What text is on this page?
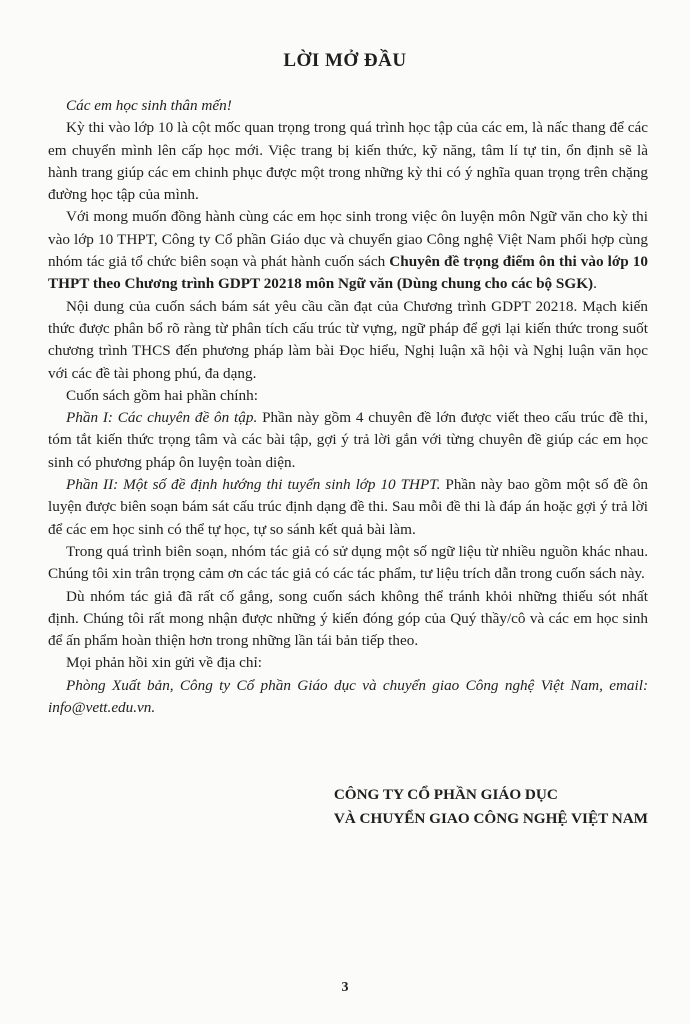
LỜI MỞ ĐẦU

Các em học sinh thân mến!

Kỳ thi vào lớp 10 là cột mốc quan trọng trong quá trình học tập của các em, là nấc thang để các em chuyển mình lên cấp học mới. Việc trang bị kiến thức, kỹ năng, tâm lí tự tin, ổn định sẽ là hành trang giúp các em chinh phục được một trong những kỳ thi có ý nghĩa quan trọng trên chặng đường học tập của mình.

Với mong muốn đồng hành cùng các em học sinh trong việc ôn luyện môn Ngữ văn cho kỳ thi vào lớp 10 THPT, Công ty Cổ phần Giáo dục và chuyển giao Công nghệ Việt Nam phối hợp cùng nhóm tác giả tổ chức biên soạn và phát hành cuốn sách Chuyên đề trọng điểm ôn thi vào lớp 10 THPT theo Chương trình GDPT 20218 môn Ngữ văn (Dùng chung cho các bộ SGK).

Nội dung của cuốn sách bám sát yêu cầu cần đạt của Chương trình GDPT 20218. Mạch kiến thức được phân bổ rõ ràng từ phân tích cấu trúc từ vựng, ngữ pháp để gợi lại kiến thức trong suốt chương trình THCS đến phương pháp làm bài Đọc hiểu, Nghị luận xã hội và Nghị luận văn học với các đề tài phong phú, đa dạng.

Cuốn sách gồm hai phần chính:

Phần I: Các chuyên đề ôn tập. Phần này gồm 4 chuyên đề lớn được viết theo cấu trúc đề thi, tóm tắt kiến thức trọng tâm và các bài tập, gợi ý trả lời gắn với từng chuyên đề giúp các em học sinh có phương pháp ôn luyện toàn diện.

Phần II: Một số đề định hướng thi tuyển sinh lớp 10 THPT. Phần này bao gồm một số đề ôn luyện được biên soạn bám sát cấu trúc định dạng đề thi. Sau mỗi đề thi là đáp án hoặc gợi ý trả lời để các em học sinh có thể tự học, tự so sánh kết quả bài làm.

Trong quá trình biên soạn, nhóm tác giả có sử dụng một số ngữ liệu từ nhiều nguồn khác nhau. Chúng tôi xin trân trọng cảm ơn các tác giả có các tác phẩm, tư liệu trích dẫn trong cuốn sách này.

Dù nhóm tác giả đã rất cố gắng, song cuốn sách không thể tránh khỏi những thiếu sót nhất định. Chúng tôi rất mong nhận được những ý kiến đóng góp của Quý thầy/cô và các em học sinh để ấn phẩm hoàn thiện hơn trong những lần tái bản tiếp theo.

Mọi phản hồi xin gửi về địa chỉ:

Phòng Xuất bản, Công ty Cổ phần Giáo dục và chuyển giao Công nghệ Việt Nam, email: info@vett.edu.vn.

CÔNG TY CỔ PHẦN GIÁO DỤC
VÀ CHUYỂN GIAO CÔNG NGHỆ VIỆT NAM
3
